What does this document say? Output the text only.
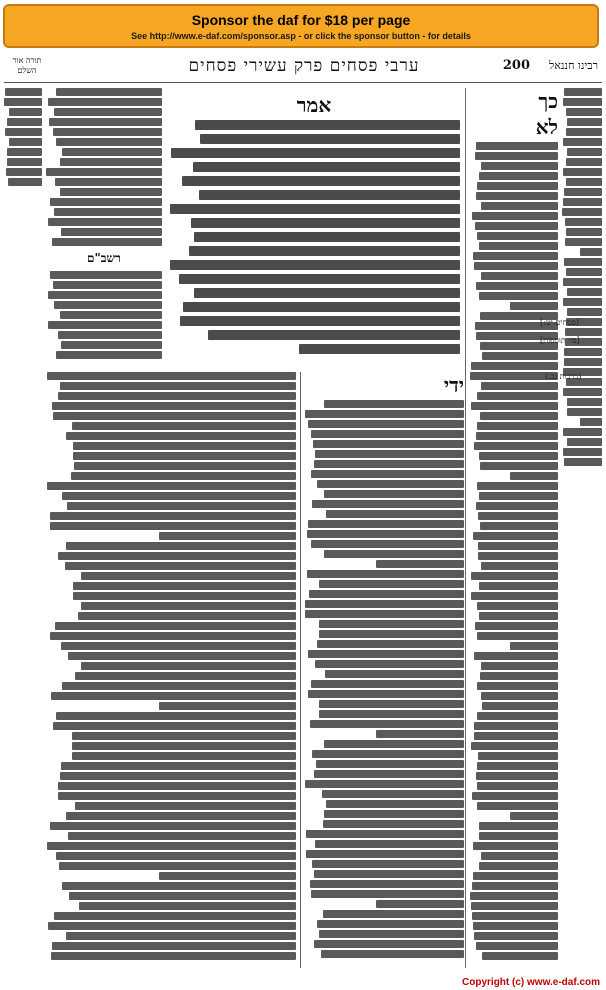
Sponsor the daf for $18 per page
See http://www.e-daf.com/sponsor.asp - or click the sponsor button - for details
תורה אור השלם	ערבי פסחים פרק עשירי פסחים	200 רבינו חננאל
כך
לא
אמר
רשב"ם
ידי
[פסחים יט:]
[פי׳ תוספות]
(ברכות נב.)
Copyright (c) www.e-daf.com
